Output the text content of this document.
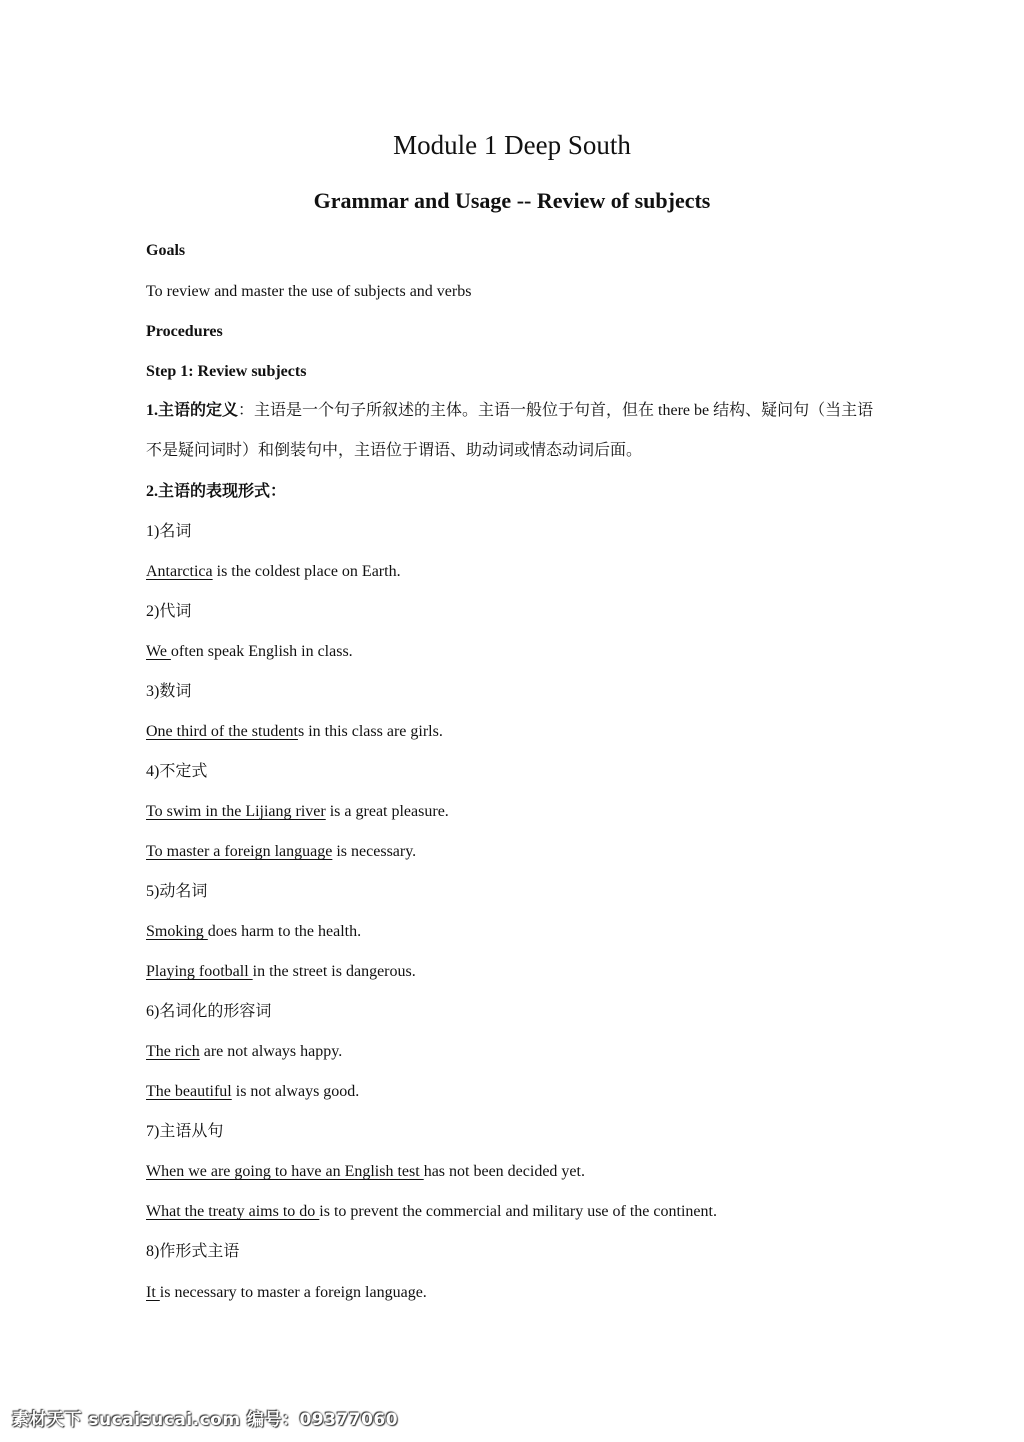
Module 1 Deep South
Grammar and Usage -- Review of subjects

Goals

To review and master the use of subjects and verbs

Procedures

Step 1: Review subjects

1.主语的定义：主语是一个句子所叙述的主体。主语一般位于句首，但在 there be 结构、疑问句（当主语不是疑问词时）和倒装句中，主语位于谓语、助动词或情态动词后面。

2.主语的表现形式：

1)名词

Antarctica is the coldest place on Earth.

2)代词

We often speak English in class.

3)数词

One third of the students in this class are girls.

4)不定式

To swim in the Lijiang river is a great pleasure.

To master a foreign language is necessary.

5)动名词

Smoking does harm to the health.

Playing football in the street is dangerous.

6)名词化的形容词

The rich are not always happy.

The beautiful is not always good.

7)主语从句

When we are going to have an English test has not been decided yet.

What the treaty aims to do is to prevent the commercial and military use of the continent.

8)作形式主语

It is necessary to master a foreign language.

素材天下 sucaisucai.com 编号：09377060
